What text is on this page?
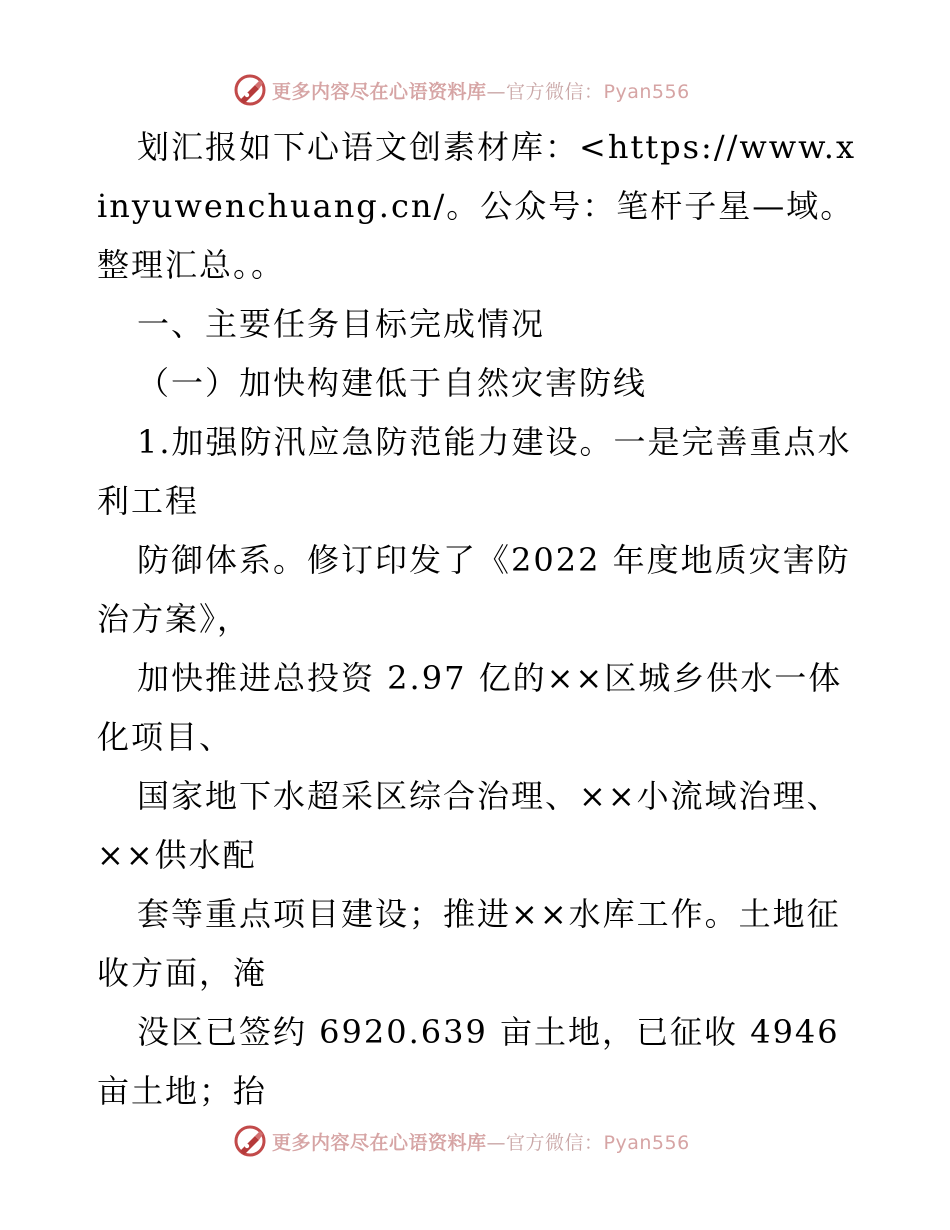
更多内容尽在心语资料库—官方微信：Pyan556

划汇报如下心语文创素材库：<https://www.xinyuwenchuang.cn/。公众号：笔杆子星—域。整理汇总。。

一、主要任务目标完成情况

（一）加快构建低于自然灾害防线

1.加强防汛应急防范能力建设。一是完善重点水利工程

防御体系。修订印发了《2022 年度地质灾害防治方案》，

加快推进总投资 2.97 亿的××区城乡供水一体化项目、

国家地下水超采区综合治理、××小流域治理、××供水配

套等重点项目建设；推进××水库工作。土地征收方面，淹

没区已签约 6920.639 亩土地，已征收 4946 亩土地；抬

更多内容尽在心语资料库—官方微信：Pyan556
